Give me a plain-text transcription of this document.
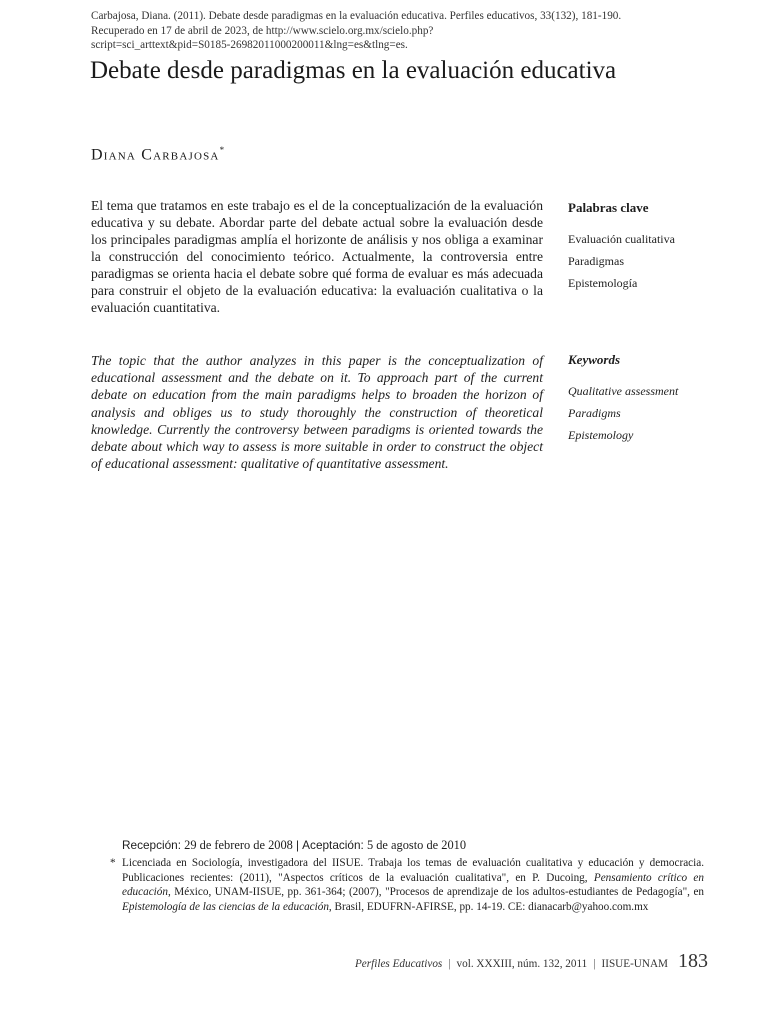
Carbajosa, Diana. (2011). Debate desde paradigmas en la evaluación educativa. Perfiles educativos, 33(132), 181-190.
Recuperado en 17 de abril de 2023, de http://www.scielo.org.mx/scielo.php?
script=sci_arttext&pid=S0185-26982011000200011&lng=es&tlng=es.
Debate desde paradigmas en la evaluación educativa
Diana Carbajosa*

El tema que tratamos en este trabajo es el de la conceptualización de la evaluación educativa y su debate. Abordar parte del debate actual sobre la evaluación desde los principales paradigmas amplía el horizonte de análisis y nos obliga a examinar la construcción del conocimiento teórico. Actualmente, la controversia entre paradigmas se orienta hacia el debate sobre qué forma de evaluar es más adecuada para construir el objeto de la evaluación educativa: la evaluación cualitativa o la evaluación cuantitativa.

Palabras clave
Evaluación cualitativa
Paradigmas
Epistemología

The topic that the author analyzes in this paper is the conceptualization of educational assessment and the debate on it. To approach part of the current debate on education from the main paradigms helps to broaden the horizon of analysis and obliges us to study thoroughly the construction of theoretical knowledge. Currently the controversy between paradigms is oriented towards the debate about which way to assess is more suitable in order to construct the object of educational assessment: qualitative of quantitative assessment.

Keywords
Qualitative assessment
Paradigms
Epistemology
Recepción: 29 de febrero de 2008 | Aceptación: 5 de agosto de 2010
* Licenciada en Sociología, investigadora del IISUE. Trabaja los temas de evaluación cualitativa y educación y democracia. Publicaciones recientes: (2011), "Aspectos críticos de la evaluación cualitativa", en P. Ducoing, Pensamiento crítico en educación, México, UNAM-IISUE, pp. 361-364; (2007), "Procesos de aprendizaje de los adultos-estudiantes de Pedagogía", en Epistemología de las ciencias de la educación, Brasil, EDUFRN-AFIRSE, pp. 14-19. CE: dianacarb@yahoo.com.mx
Perfiles Educativos | vol. XXXIII, núm. 132, 2011 | IISUE-UNAM 183
